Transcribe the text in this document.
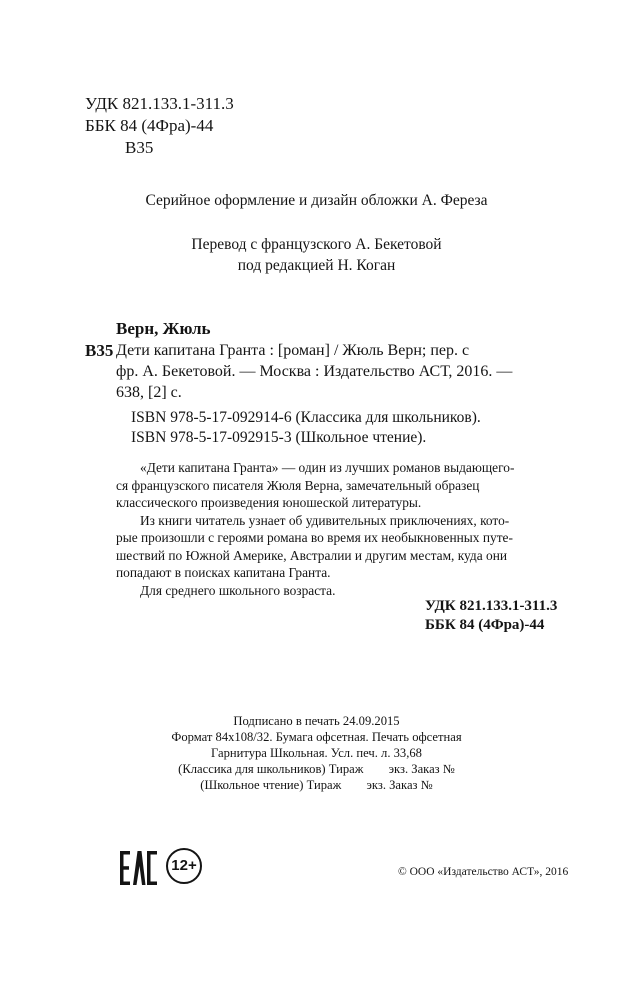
УДК 821.133.1-311.3
ББК 84 (4Фра)-44
В35
Серийное оформление и дизайн обложки А. Фереза
Перевод с французского А. Бекетовой
под редакцией Н. Коган
Верн, Жюль
В35 Дети капитана Гранта : [роман] / Жюль Верн; пер. с
фр. А. Бекетовой. — Москва : Издательство АСТ, 2016. —
638, [2] с.
ISBN 978-5-17-092914-6 (Классика для школьников).
ISBN 978-5-17-092915-3 (Школьное чтение).
«Дети капитана Гранта» — один из лучших романов выдающего-
ся французского писателя Жюля Верна, замечательный образец
классического произведения юношеской литературы.
Из книги читатель узнает об удивительных приключениях, кото-
рые произошли с героями романа во время их необыкновенных путе-
шествий по Южной Америке, Австралии и другим местам, куда они
попадают в поисках капитана Гранта.
Для среднего школьного возраста.
УДК 821.133.1-311.3
ББК 84 (4Фра)-44
Подписано в печать 24.09.2015
Формат 84x108/32. Бумага офсетная. Печать офсетная
Гарнитура Школьная. Усл. печ. л. 33,68
(Классика для школьников) Тираж        экз. Заказ №
(Школьное чтение) Тираж        экз. Заказ №
12+	© ООО «Издательство АСТ», 2016
